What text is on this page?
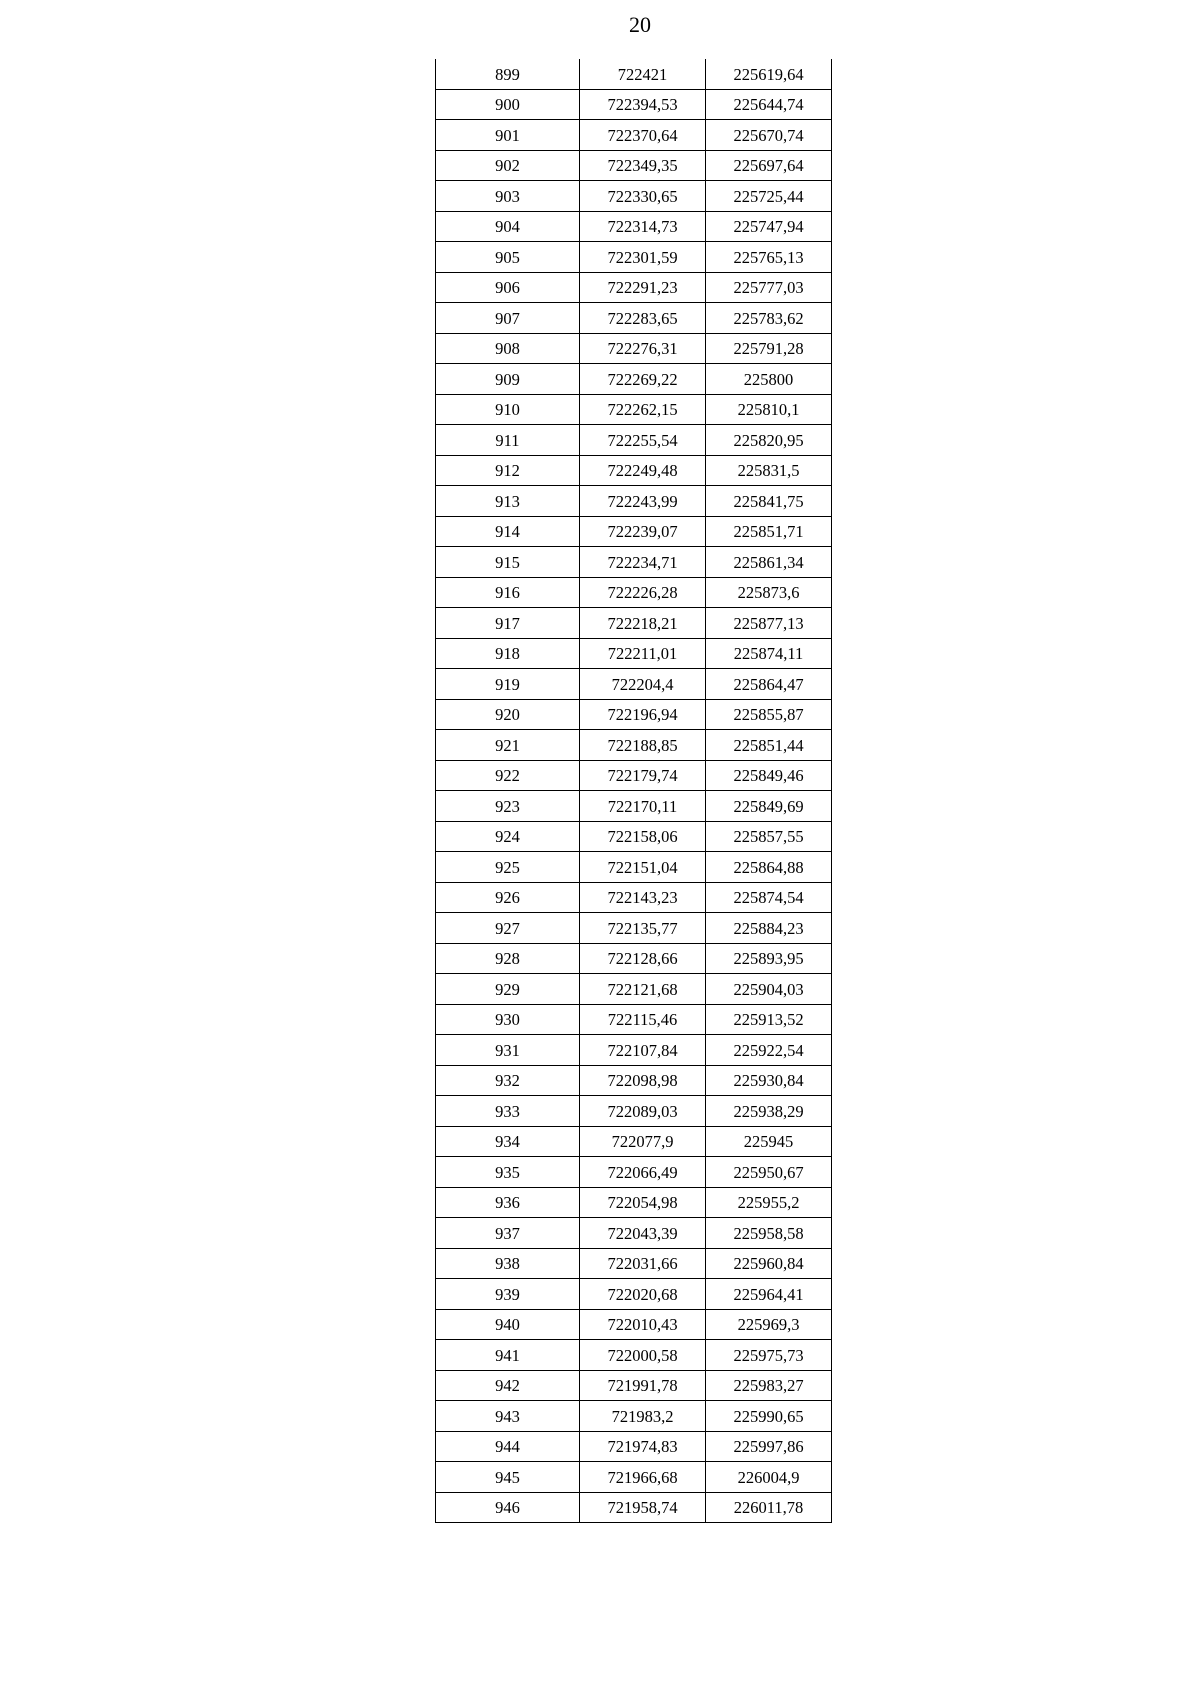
20
899	722421	225619,64
900	722394,53	225644,74
901	722370,64	225670,74
902	722349,35	225697,64
903	722330,65	225725,44
904	722314,73	225747,94
905	722301,59	225765,13
906	722291,23	225777,03
907	722283,65	225783,62
908	722276,31	225791,28
909	722269,22	225800
910	722262,15	225810,1
911	722255,54	225820,95
912	722249,48	225831,5
913	722243,99	225841,75
914	722239,07	225851,71
915	722234,71	225861,34
916	722226,28	225873,6
917	722218,21	225877,13
918	722211,01	225874,11
919	722204,4	225864,47
920	722196,94	225855,87
921	722188,85	225851,44
922	722179,74	225849,46
923	722170,11	225849,69
924	722158,06	225857,55
925	722151,04	225864,88
926	722143,23	225874,54
927	722135,77	225884,23
928	722128,66	225893,95
929	722121,68	225904,03
930	722115,46	225913,52
931	722107,84	225922,54
932	722098,98	225930,84
933	722089,03	225938,29
934	722077,9	225945
935	722066,49	225950,67
936	722054,98	225955,2
937	722043,39	225958,58
938	722031,66	225960,84
939	722020,68	225964,41
940	722010,43	225969,3
941	722000,58	225975,73
942	721991,78	225983,27
943	721983,2	225990,65
944	721974,83	225997,86
945	721966,68	226004,9
946	721958,74	226011,78
